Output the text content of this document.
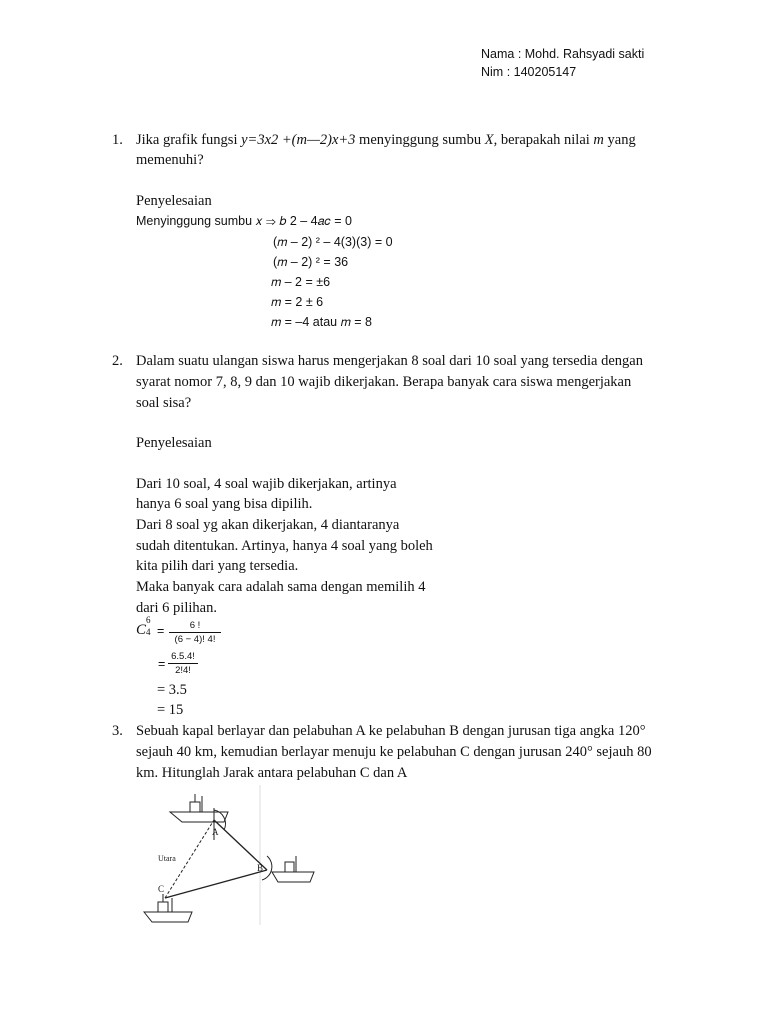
Nama : Mohd. Rahsyadi sakti
Nim : 140205147
1. Jika grafik fungsi y=3x2 +(m—2)x+3 menyinggung sumbu X, berapakah nilai m yang
memenuhi?
Penyelesaian
Menyinggung sumbu 𝑥 ⇒ 𝑏 2 – 4𝑎𝑐 = 0
(𝑚 – 2) ² – 4(3)(3) = 0
(𝑚 – 2) ² = 36
𝑚 – 2 = ±6
𝑚 = 2 ± 6
𝑚 = –4 atau 𝑚 = 8
2. Dalam suatu ulangan siswa harus mengerjakan 8 soal dari 10 soal yang tersedia dengan
syarat nomor 7, 8, 9 dan 10 wajib dikerjakan. Berapa banyak cara siswa mengerjakan
soal sisa?
Penyelesaian
Dari 10 soal, 4 soal wajib dikerjakan, artinya
hanya 6 soal yang bisa dipilih.
Dari 8 soal yg akan dikerjakan, 4 diantaranya
sudah ditentukan. Artinya, hanya 4 soal yang boleh
kita pilih dari yang tersedia.
Maka banyak cara adalah sama dengan memilih 4
dari 6 pilihan.
C
6
$4 = \frac{6 !}{(6 - 4)! 4!}$
= $\frac{6.5.4!}{2!4!}$
= 3.5
= 15
3. Sebuah kapal berlayar dan pelabuhan A ke pelabuhan B dengan jurusan tiga angka 120°
sejauh 40 km, kemudian berlayar menuju ke pelabuhan C dengan jurusan 240° sejauh 80
km. Hitunglah Jarak antara pelabuhan C dan A
A
B
C
Utara
